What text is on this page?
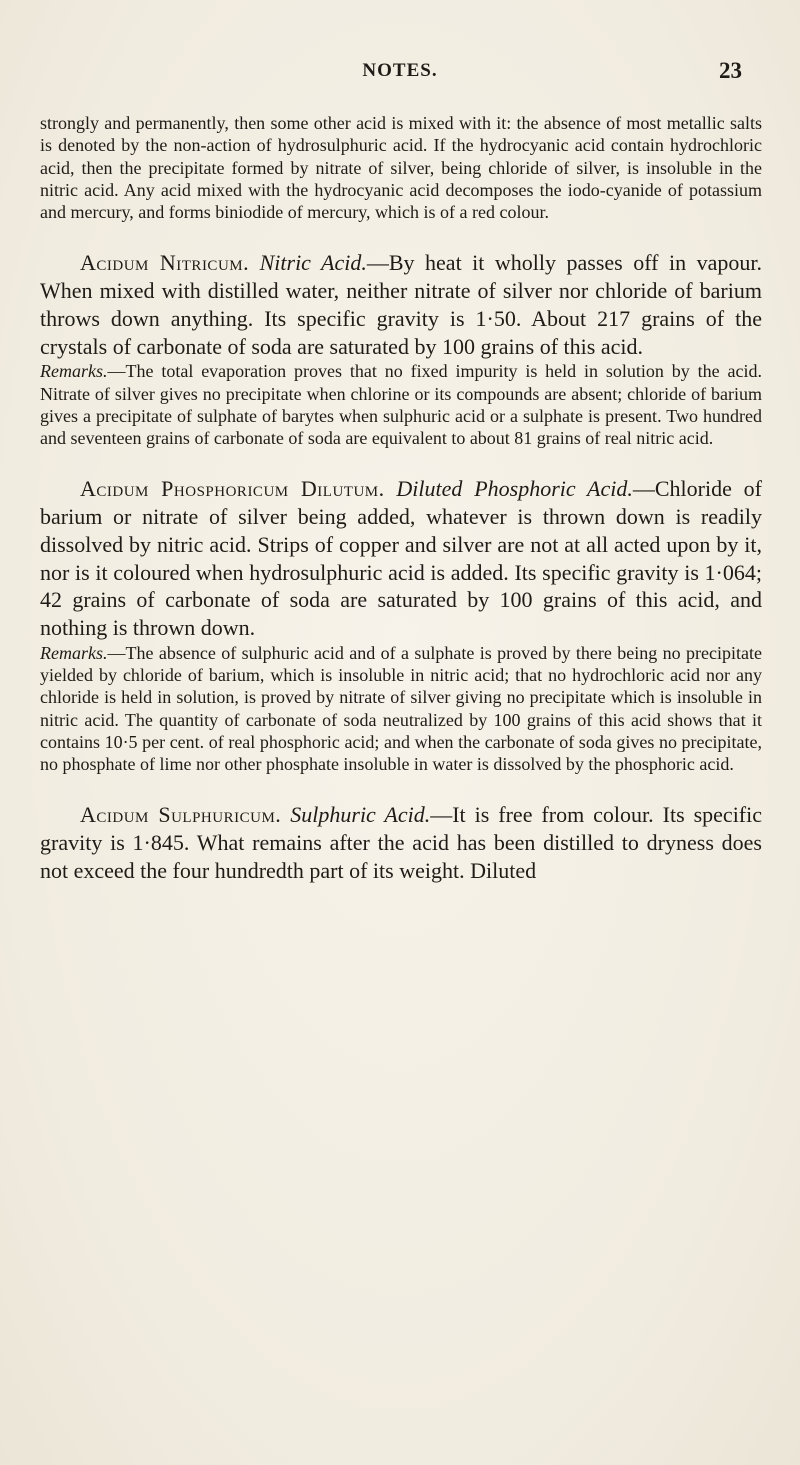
NOTES.	23

strongly and permanently, then some other acid is mixed with it: the absence of most metallic salts is denoted by the non-action of hydrosulphuric acid. If the hydrocyanic acid contain hydrochloric acid, then the precipitate formed by nitrate of silver, being chloride of silver, is insoluble in the nitric acid. Any acid mixed with the hydrocyanic acid decomposes the iodo-cyanide of potassium and mercury, and forms biniodide of mercury, which is of a red colour.

Acidum Nitricum. Nitric Acid.—By heat it wholly passes off in vapour. When mixed with distilled water, neither nitrate of silver nor chloride of barium throws down anything. Its specific gravity is 1·50. About 217 grains of the crystals of carbonate of soda are saturated by 100 grains of this acid.

Remarks.—The total evaporation proves that no fixed impurity is held in solution by the acid. Nitrate of silver gives no precipitate when chlorine or its compounds are absent; chloride of barium gives a precipitate of sulphate of barytes when sulphuric acid or a sulphate is present. Two hundred and seventeen grains of carbonate of soda are equivalent to about 81 grains of real nitric acid.

Acidum Phosphoricum Dilutum. Diluted Phosphoric Acid.—Chloride of barium or nitrate of silver being added, whatever is thrown down is readily dissolved by nitric acid. Strips of copper and silver are not at all acted upon by it, nor is it coloured when hydrosulphuric acid is added. Its specific gravity is 1·064; 42 grains of carbonate of soda are saturated by 100 grains of this acid, and nothing is thrown down.

Remarks.—The absence of sulphuric acid and of a sulphate is proved by there being no precipitate yielded by chloride of barium, which is insoluble in nitric acid; that no hydrochloric acid nor any chloride is held in solution, is proved by nitrate of silver giving no precipitate which is insoluble in nitric acid. The quantity of carbonate of soda neutralized by 100 grains of this acid shows that it contains 10·5 per cent. of real phosphoric acid; and when the carbonate of soda gives no precipitate, no phosphate of lime nor other phosphate insoluble in water is dissolved by the phosphoric acid.

Acidum Sulphuricum. Sulphuric Acid.—It is free from colour. Its specific gravity is 1·845. What remains after the acid has been distilled to dryness does not exceed the four hundredth part of its weight. Diluted
